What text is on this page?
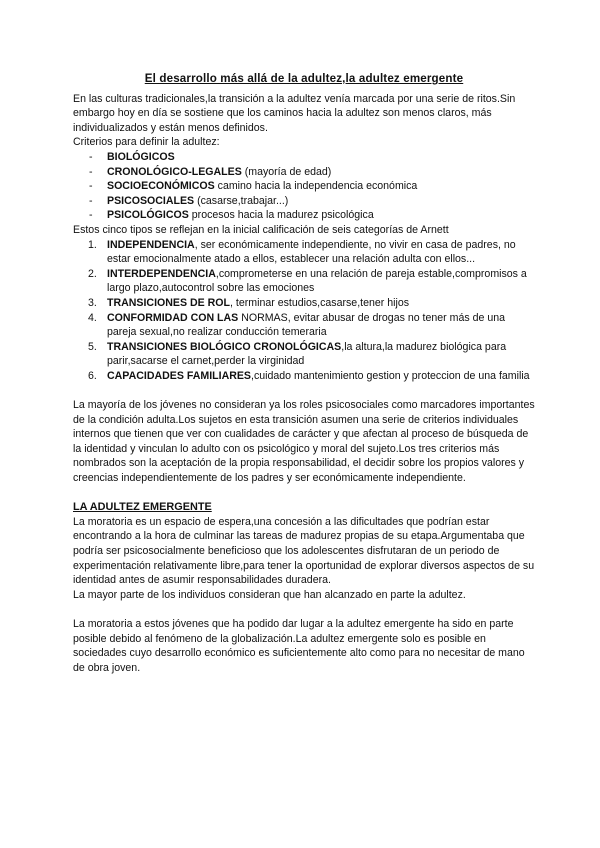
El desarrollo más allá de la adultez,la adultez emergente

En las culturas tradicionales,la transición a la adultez venía marcada por una serie de ritos.Sin embargo hoy en día se sostiene que los caminos hacia la adultez son menos claros, más individualizados y están menos definidos.

Criterios para definir la adultez:

- BIOLÓGICOS
- CRONOLÓGICO-LEGALES (mayoría de edad)
- SOCIOECONÓMICOS camino hacia la independencia económica
- PSICOSOCIALES (casarse,trabajar...)
- PSICOLÓGICOS procesos hacia la madurez psicológica

Estos cinco tipos se reflejan en la inicial calificación de seis categorías de Arnett

1. INDEPENDENCIA, ser económicamente independiente, no vivir en casa de padres, no estar emocionalmente atado a ellos, establecer una relación adulta con ellos...
2. INTERDEPENDENCIA,comprometerse en una relación de pareja estable,compromisos a largo plazo,autocontrol sobre las emociones
3. TRANSICIONES DE ROL, terminar estudios,casarse,tener hijos
4. CONFORMIDAD CON LAS NORMAS, evitar abusar de drogas no tener más de una pareja sexual,no realizar conducción temeraria
5. TRANSICIONES BIOLÓGICO CRONOLÓGICAS,la altura,la madurez biológica para parir,sacarse el carnet,perder la virginidad
6. CAPACIDADES FAMILIARES,cuidado mantenimiento gestion y proteccion de una familia

La mayoría de los jóvenes no consideran ya los roles psicosociales como marcadores importantes de la condición adulta.Los sujetos en esta transición asumen una serie de criterios individuales internos que tienen que ver con cualidades de carácter y que afectan al proceso de búsqueda de la identidad y vinculan lo adulto con os psicológico y moral del sujeto.Los tres criterios más nombrados son la aceptación de la propia responsabilidad, el decidir sobre los propios valores y creencias independientemente de los padres y ser económicamente independiente.

LA ADULTEZ EMERGENTE

La moratoria es un espacio de espera,una concesión a las dificultades que podrían estar encontrando a la hora de culminar las tareas de madurez propias de su etapa.Argumentaba que podría ser psicosocialmente beneficioso que los adolescentes disfrutaran de un periodo de experimentación relativamente libre,para tener la oportunidad de explorar diversos aspectos de su identidad antes de asumir responsabilidades duradera.

La mayor parte de los individuos consideran que han alcanzado en parte la adultez.

La moratoria a estos jóvenes que ha podido dar lugar a la adultez emergente ha sido en parte posible debido al fenómeno de la globalización.La adultez emergente solo es posible en sociedades cuyo desarrollo económico es suficientemente alto como para no necesitar de mano de obra joven.
